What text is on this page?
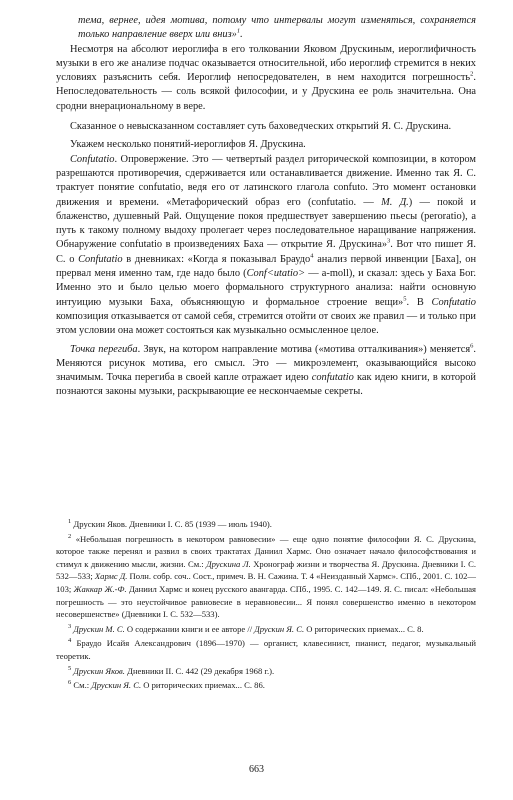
тема, вернее, идея мотива, потому что интервалы могут изменяться, сохраняется только направление вверх или вниз»$^1$.

Несмотря на абсолют иероглифа в его толковании Яковом Друскиным, иероглифичность музыки в его же анализе подчас оказывается относительной, ибо иероглиф стремится в неких условиях разъяснить себя. Иероглиф непосредователен, в нем находится погрешность$^2$. Непоследовательность — соль всякой философии, и у Друскина ее роль значительна. Она сродни внерациональному в вере.

Сказанное о невысказанном составляет суть баховедческих открытий Я. С. Друскина.

Укажем несколько понятий-иероглифов Я. Друскина.

Confutatio. Опровержение. Это — четвертый раздел риторической композиции, в котором разрешаются противоречия, сдерживается или останавливается движение. Именно так Я. С. трактует понятие confutatio, ведя его от латинского глагола confuto. Это момент остановки движения и времени. «Метафорический образ его (confutatio. — М. Д.) — покой и блаженство, душевный Рай. Ощущение покоя предшествует завершению пьесы (peroratio), а путь к такому полному выдоху пролегает через последовательное наращивание напряжения. Обнаружение confutatio в произведениях Баха — открытие Я. Друскина»$^3$. Вот что пишет Я. С. о Confutatio в дневниках: «Когда я показывал Браудо$^4$ анализ первой инвенции [Баха], он прервал меня именно там, где надо было (Conf<utatio> — a-moll), и сказал: здесь у Баха Бог. Именно это и было целью моего формального структурного анализа: найти основную интуицию музыки Баха, объясняющую и формальное строение вещи»$^5$. В Confutatio композиция отказывается от самой себя, стремится отойти от своих же правил — и только при этом условии она может состояться как музыкально осмысленное целое.

Точка перегиба. Звук, на котором направление мотива («мотива отталкивания») меняется$^6$. Меняются рисунок мотива, его смысл. Это — микроэлемент, оказывающийся высоко значимым. Точка перегиба в своей капле отражает идею confutatio как идею книги, в которой познаются законы музыки, раскрывающие ее нескончаемые секреты.

$^1$ Друскин Яков. Дневники I. С. 85 (1939 — июль 1940).

$^2$ «Небольшая погрешность в некотором равновесии» — еще одно понятие философии Я. С. Друскина, которое также перенял и развил в своих трактатах Даниил Хармс. Оно означает начало философствования и стимул к движению мысли, жизни. См.: Друскина Л. Хронограф жизни и творчества Я. Друскина. Дневники I. С. 532—533; Хармс Д. Полн. собр. соч.. Сост., примеч. В. Н. Сажина. Т. 4 «Неизданный Хармс». СПб., 2001. С. 102—103; Жаккар Ж.-Ф. Даниил Хармс и конец русского авангарда. СПб., 1995. С. 142—149. Я. С. писал: «Небольшая погрешность — это неустойчивое равновесие в неравновесии... Я понял совершенство именно в некотором несовершенстве» (Дневники I. С. 532—533).

$^3$ Друскин М. С. О содержании книги и ее авторе // Друскин Я. С. О риторических приемах... С. 8.

$^4$ Браудо Исайя Александрович (1896—1970) — органист, клавесинист, пианист, педагог, музыкальный теоретик.

$^5$ Друскин Яков. Дневники II. С. 442 (29 декабря 1968 г.).

$^6$ См.: Друскин Я. С. О риторических приемах... С. 86.

663
